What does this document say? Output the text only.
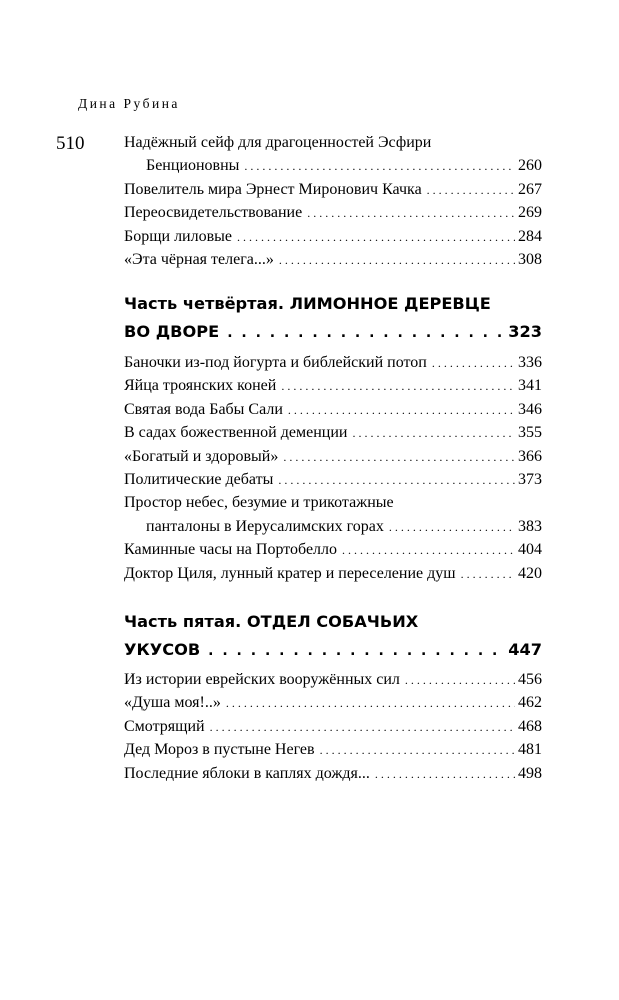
Дина Рубина
510 Надёжный сейф для драгоценностей Эсфири
Бенционовны . . .	260
Повелитель мира Эрнест Миронович Качка . . .	267
Переосвидетельствование . . .	269
Борщи лиловые . . .	284
«Эта чёрная телега...» . . .	308
Часть четвёртая. ЛИМОННОЕ ДЕРЕВЦЕ
ВО ДВОРЕ . . .	323
Баночки из-под йогурта и библейский потоп . . .	336
Яйца троянских коней . . .	341
Святая вода Бабы Сали . . .	346
В садах божественной деменции . . .	355
«Богатый и здоровый» . . .	366
Политические дебаты . . .	373
Простор небес, безумие и трикотажные
панталоны в Иерусалимских горах . . .	383
Каминные часы на Портобелло . . .	404
Доктор Циля, лунный кратер и переселение душ . . .	420
Часть пятая. ОТДЕЛ СОБАЧЬИХ
УКУСОВ . . .	447
Из истории еврейских вооружённых сил . . .	456
«Душа моя!..» . . .	462
Смотрящий . . .	468
Дед Мороз в пустыне Негев . . .	481
Последние яблоки в каплях дождя... . . .	498
